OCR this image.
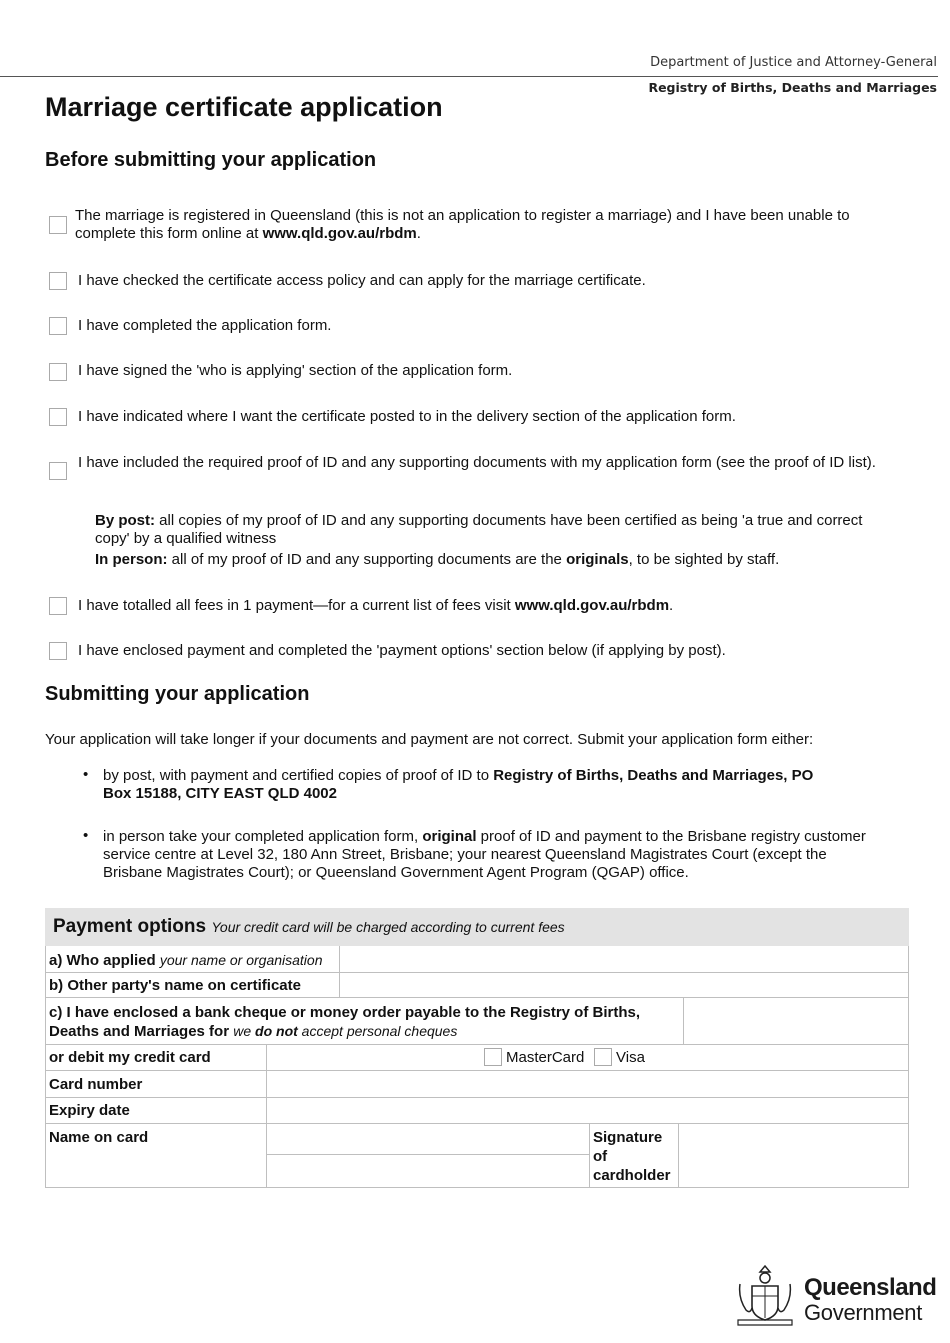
Department of Justice and Attorney-General
Registry of Births, Deaths and Marriages
Marriage certificate application
Before submitting your application
The marriage is registered in Queensland (this is not an application to register a marriage) and I have been unable to complete this form online at www.qld.gov.au/rbdm.
I have checked the certificate access policy and can apply for the marriage certificate.
I have completed the application form.
I have signed the 'who is applying' section of the application form.
I have indicated where I want the certificate posted to in the delivery section of the application form.
I have included the required proof of ID and any supporting documents with my application form (see the proof of ID list).
By post: all copies of my proof of ID and any supporting documents have been certified as being 'a true and correct copy' by a qualified witness
In person: all of my proof of ID and any supporting documents are the originals, to be sighted by staff.
I have totalled all fees in 1 payment—for a current list of fees visit www.qld.gov.au/rbdm.
I have enclosed payment and completed the 'payment options' section below (if applying by post).
Submitting your application
Your application will take longer if your documents and payment are not correct. Submit your application form either:
• by post, with payment and certified copies of proof of ID to Registry of Births, Deaths and Marriages, PO Box 15188, CITY EAST QLD 4002
• in person take your completed application form, original proof of ID and payment to the Brisbane registry customer service centre at Level 32, 180 Ann Street, Brisbane; your nearest Queensland Magistrates Court (except the Brisbane Magistrates Court); or Queensland Government Agent Program (QGAP) office.
Payment options Your credit card will be charged according to current fees
a) Who applied your name or organisation
b) Other party's name on certificate
c) I have enclosed a bank cheque or money order payable to the Registry of Births, Deaths and Marriages for we do not accept personal cheques
or debit my credit card	MasterCard Visa
Card number
Expiry date
Name on card	Signature of cardholder
Queensland
Government
